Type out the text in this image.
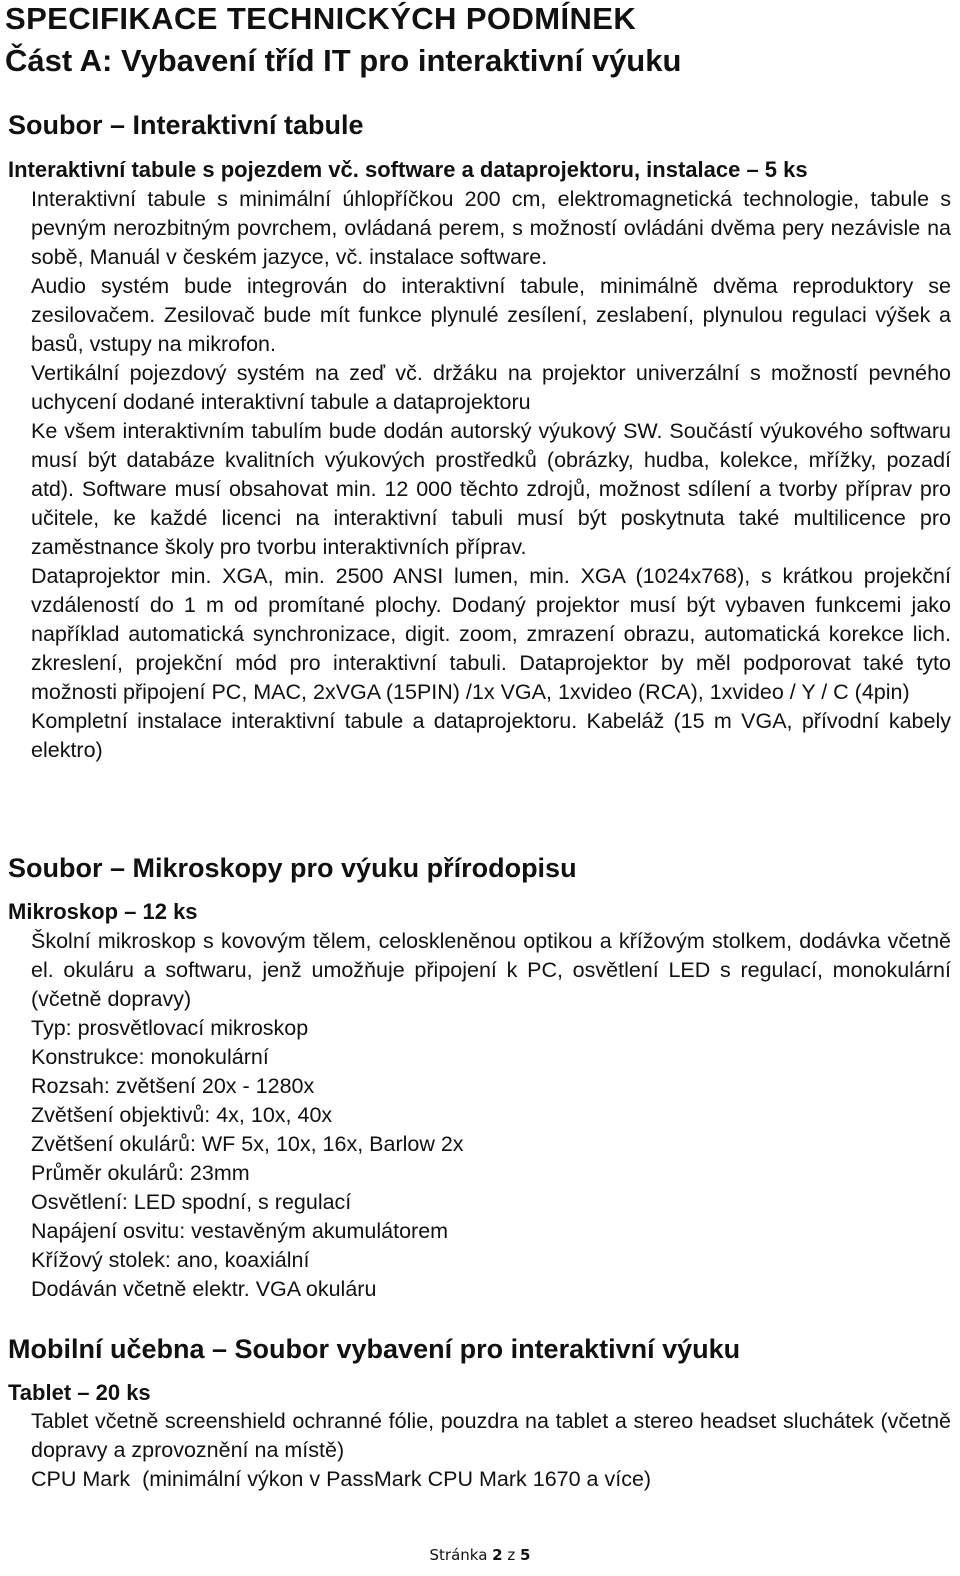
SPECIFIKACE TECHNICKÝCH PODMÍNEK
Část A: Vybavení tříd IT pro interaktivní výuku
Soubor – Interaktivní tabule
Interaktivní tabule s pojezdem vč. software a dataprojektoru, instalace – 5 ks

Interaktivní tabule s minimální úhlopříčkou 200 cm, elektromagnetická technologie, tabule s pevným nerozbitným povrchem, ovládaná perem, s možností ovládáni dvěma pery nezávisle na sobě, Manuál v českém jazyce, vč. instalace software.

Audio systém bude integrován do interaktivní tabule, minimálně dvěma reproduktory se zesilovačem. Zesilovač bude mít funkce plynulé zesílení, zeslabení, plynulou regulaci výšek a basů, vstupy na mikrofon.

Vertikální pojezdový systém na zeď vč. držáku na projektor univerzální s možností pevného uchycení dodané interaktivní tabule a dataprojektoru

Ke všem interaktivním tabulím bude dodán autorský výukový SW. Součástí výukového softwaru musí být databáze kvalitních výukových prostředků (obrázky, hudba, kolekce, mřížky, pozadí atd). Software musí obsahovat min. 12 000 těchto zdrojů, možnost sdílení a tvorby příprav pro učitele, ke každé licenci na interaktivní tabuli musí být poskytnuta také multilicence pro zaměstnance školy pro tvorbu interaktivních příprav.

Dataprojektor min. XGA, min. 2500 ANSI lumen, min. XGA (1024x768), s krátkou projekční vzdáleností do 1 m od promítané plochy. Dodaný projektor musí být vybaven funkcemi jako například automatická synchronizace, digit. zoom, zmrazení obrazu, automatická korekce lich. zkreslení, projekční mód pro interaktivní tabuli. Dataprojektor by měl podporovat také tyto možnosti připojení PC, MAC, 2xVGA (15PIN) /1x VGA, 1xvideo (RCA), 1xvideo / Y / C (4pin)

Kompletní instalace interaktivní tabule a dataprojektoru. Kabeláž (15 m VGA, přívodní kabely elektro)

Soubor – Mikroskopy pro výuku přírodopisu
Mikroskop – 12 ks

Školní mikroskop s kovovým tělem, celoskleněnou optikou a křížovým stolkem, dodávka včetně el. okuláru a softwaru, jenž umožňuje připojení k PC, osvětlení LED s regulací, monokulární (včetně dopravy)

Typ: prosvětlovací mikroskop
Konstrukce: monokulární
Rozsah: zvětšení 20x - 1280x
Zvětšení objektivů: 4x, 10x, 40x
Zvětšení okulárů: WF 5x, 10x, 16x, Barlow 2x
Průměr okulárů: 23mm
Osvětlení: LED spodní, s regulací
Napájení osvitu: vestavěným akumulátorem
Křížový stolek: ano, koaxiální
Dodáván včetně elektr. VGA okuláru
Mobilní učebna – Soubor vybavení pro interaktivní výuku
Tablet – 20 ks

Tablet včetně screenshield ochranné fólie, pouzdra na tablet a stereo headset sluchátek (včetně dopravy a zprovoznění na místě)

CPU Mark  (minimální výkon v PassMark CPU Mark 1670 a více)

Stránka 2 z 5
